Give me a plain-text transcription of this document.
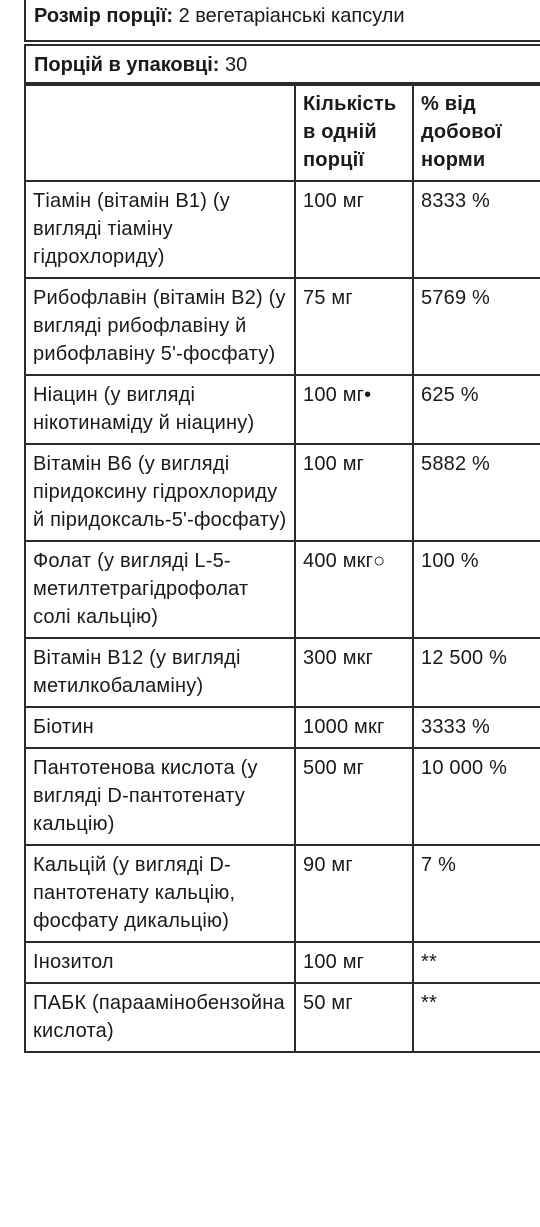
Розмір порції: 2 вегетаріанські капсули
Порцій в упаковці: 30
	Кількість в одній порції	% від добової норми
Тіамін (вітамін B1) (у вигляді тіаміну гідрохлориду)	100 мг	8333 %
Рибофлавін (вітамін B2) (у вигляді рибофлавіну й рибофлавіну 5'-фосфату)	75 мг	5769 %
Ніацин (у вигляді нікотинаміду й ніацину)	100 мг•	625 %
Вітамін B6 (у вигляді піридоксину гідрохлориду й піридоксаль-5'-фосфату)	100 мг	5882 %
Фолат (у вигляді L-5-метилтетрагідрофолат солі кальцію)	400 мкг○	100 %
Вітамін B12 (у вигляді метилкобаламіну)	300 мкг	12 500 %
Біотин	1000 мкг	3333 %
Пантотенова кислота (у вигляді D-пантотенату кальцію)	500 мг	10 000 %
Кальцій (у вигляді D-пантотенату кальцію, фосфату дикальцію)	90 мг	7 %
Інозитол	100 мг	**
ПАБК (параамінобензойна кислота)	50 мг	**
